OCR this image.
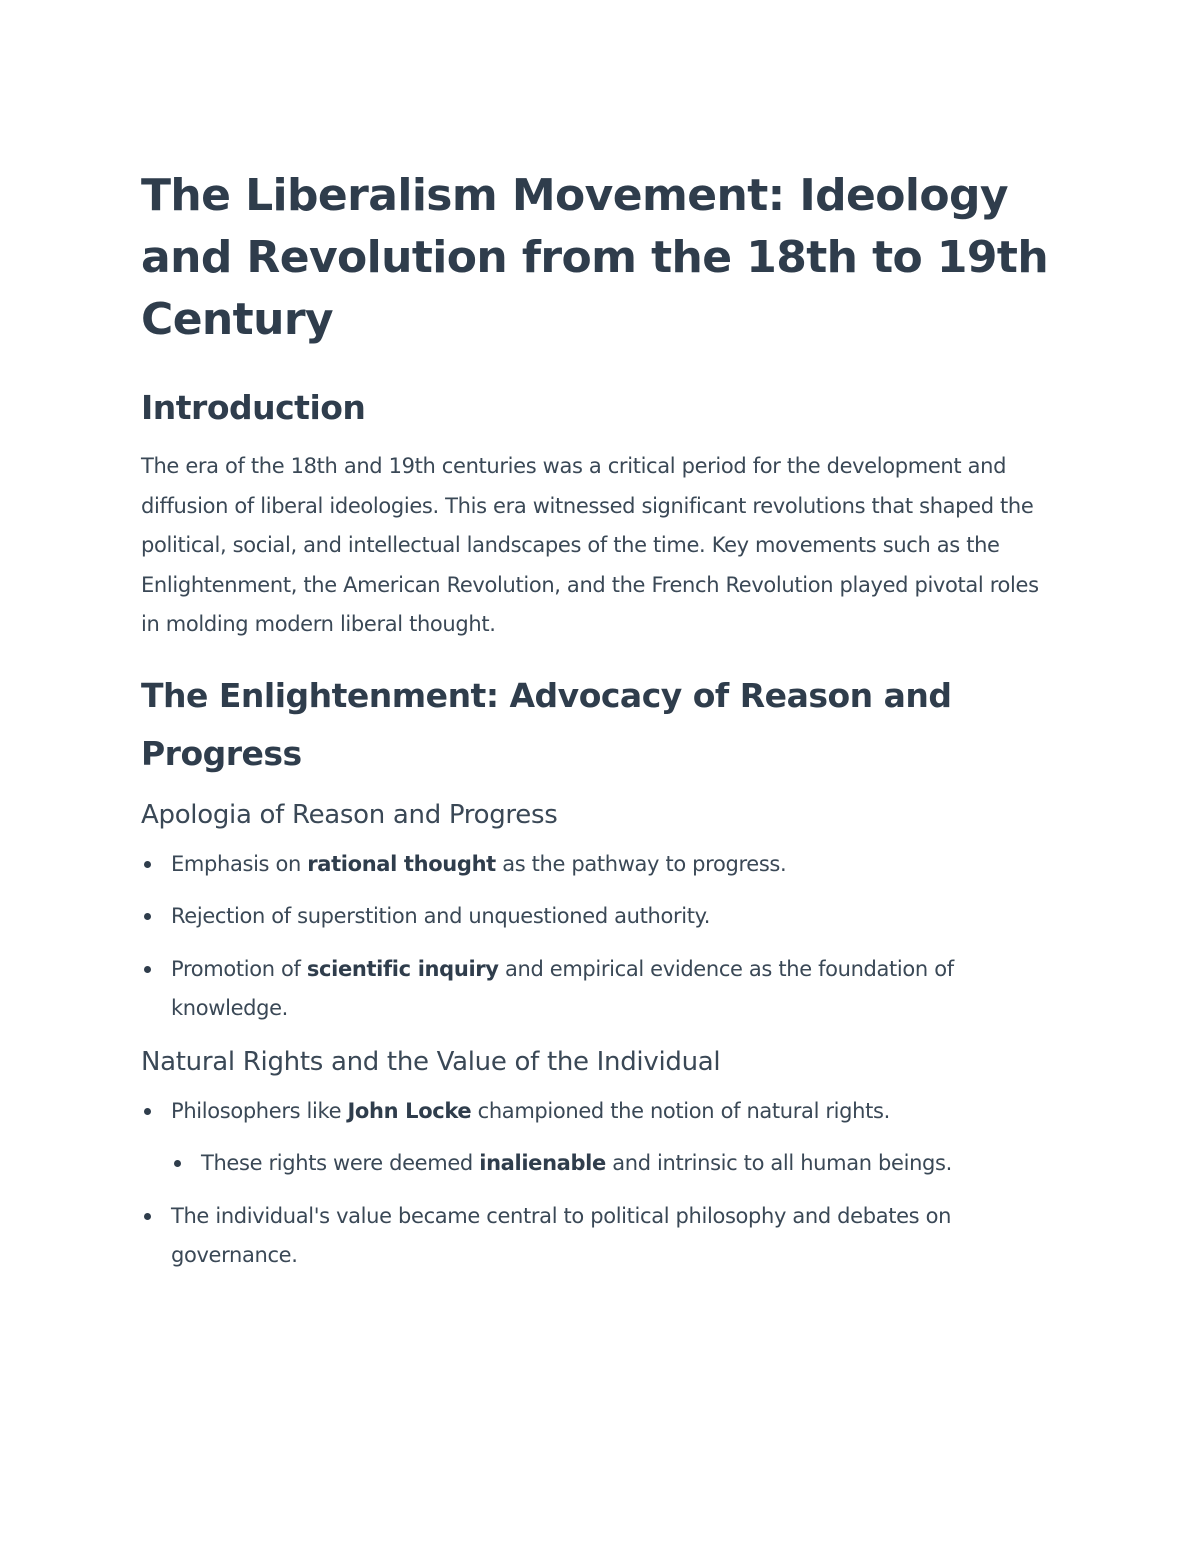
The Liberalism Movement: Ideology and Revolution from the 18th to 19th Century
Introduction

The era of the 18th and 19th centuries was a critical period for the development and diffusion of liberal ideologies. This era witnessed significant revolutions that shaped the political, social, and intellectual landscapes of the time. Key movements such as the Enlightenment, the American Revolution, and the French Revolution played pivotal roles in molding modern liberal thought.

The Enlightenment: Advocacy of Reason and Progress
Apologia of Reason and Progress
Emphasis on rational thought as the pathway to progress.
Rejection of superstition and unquestioned authority.
Promotion of scientific inquiry and empirical evidence as the foundation of knowledge.
Natural Rights and the Value of the Individual
Philosophers like John Locke championed the notion of natural rights.
These rights were deemed inalienable and intrinsic to all human beings.
The individual's value became central to political philosophy and debates on governance.
